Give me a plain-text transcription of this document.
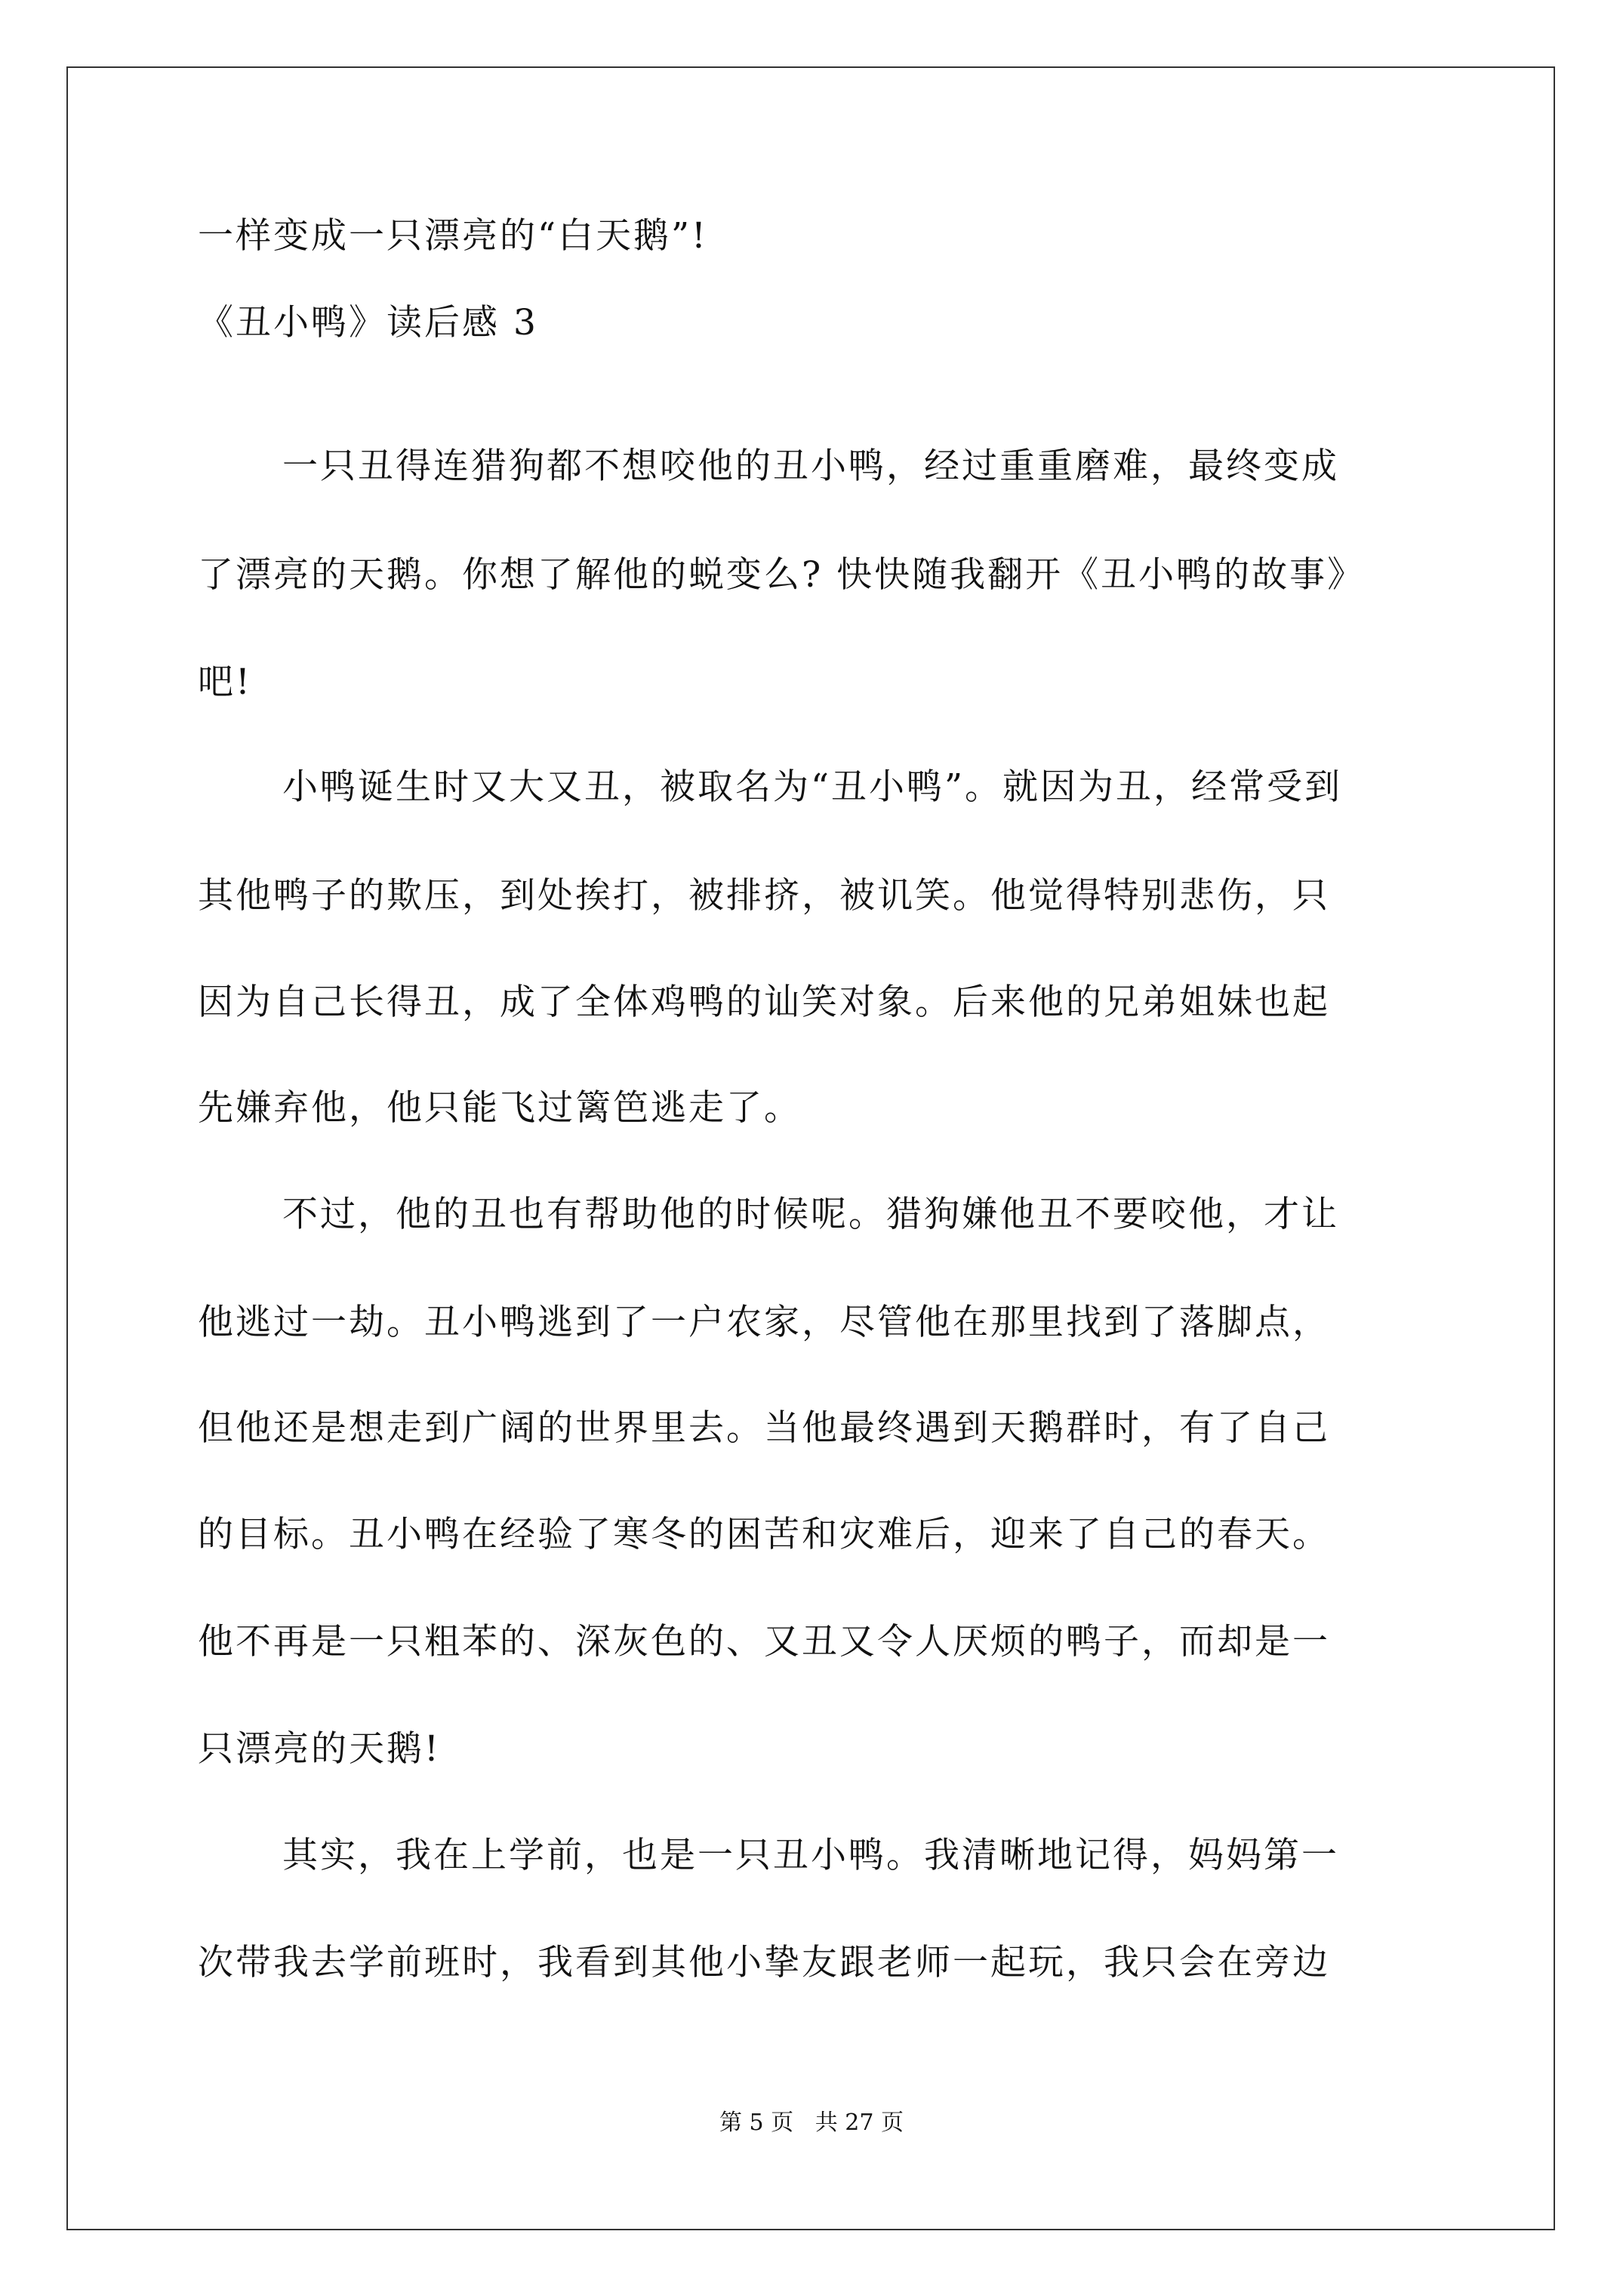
一样变成一只漂亮的“白天鹅”!
《丑小鸭》读后感 3
一只丑得连猎狗都不想咬他的丑小鸭，经过重重磨难，最终变成
了漂亮的天鹅。你想了解他的蜕变么? 快快随我翻开《丑小鸭的故事》
吧!
小鸭诞生时又大又丑，被取名为“丑小鸭”。就因为丑，经常受到
其他鸭子的欺压，到处挨打，被排挤，被讥笑。他觉得特别悲伤，只
因为自己长得丑，成了全体鸡鸭的讪笑对象。后来他的兄弟姐妹也起
先嫌弃他，他只能飞过篱笆逃走了。
不过，他的丑也有帮助他的时候呢。猎狗嫌他丑不要咬他，才让
他逃过一劫。丑小鸭逃到了一户农家，尽管他在那里找到了落脚点，
但他还是想走到广阔的世界里去。当他最终遇到天鹅群时，有了自己
的目标。丑小鸭在经验了寒冬的困苦和灾难后，迎来了自己的春天。
他不再是一只粗苯的、深灰色的、又丑又令人厌烦的鸭子，而却是一
只漂亮的天鹅!
其实，我在上学前，也是一只丑小鸭。我清晰地记得，妈妈第一
次带我去学前班时，我看到其他小挚友跟老师一起玩，我只会在旁边
第 5 页   共 27 页
